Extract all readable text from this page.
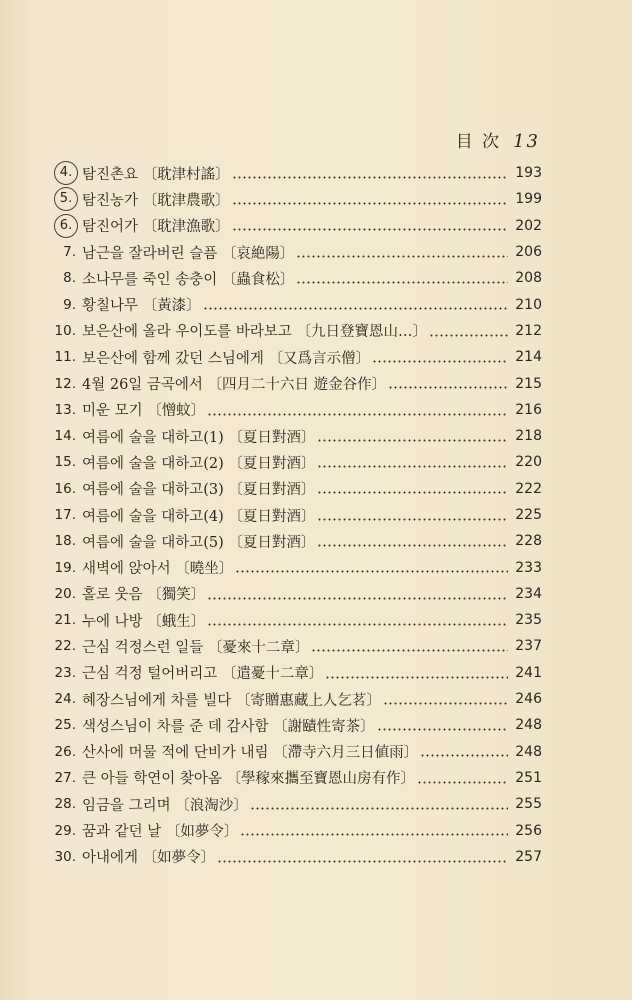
目 次 13
4. 탐진촌요 〔耽津村謠〕	193
5. 탐진농가 〔耽津農歌〕	199
6. 탐진어가 〔耽津漁歌〕	202
7. 남근을 잘라버린 슬픔 〔哀絶陽〕	206
8. 소나무를 죽인 송충이 〔蟲食松〕	208
9. 황칠나무 〔黃漆〕	210
10. 보은산에 올라 우이도를 바라보고 〔九日登寶恩山…〕	212
11. 보은산에 함께 갔던 스님에게 〔又爲言示僧〕	214
12. 4월 26일 금곡에서 〔四月二十六日 遊金谷作〕	215
13. 미운 모기 〔憎蚊〕	216
14. 여름에 술을 대하고(1) 〔夏日對酒〕	218
15. 여름에 술을 대하고(2) 〔夏日對酒〕	220
16. 여름에 술을 대하고(3) 〔夏日對酒〕	222
17. 여름에 술을 대하고(4) 〔夏日對酒〕	225
18. 여름에 술을 대하고(5) 〔夏日對酒〕	228
19. 새벽에 앉아서 〔曉坐〕	233
20. 홀로 웃음 〔獨笑〕	234
21. 누에 나방 〔蛾生〕	235
22. 근심 걱정스런 일들 〔憂來十二章〕	237
23. 근심 걱정 털어버리고 〔遣憂十二章〕	241
24. 혜장스님에게 차를 빌다 〔寄贈惠藏上人乞茗〕	246
25. 색성스님이 차를 준 데 감사함 〔謝賾性寄茶〕	248
26. 산사에 머물 적에 단비가 내림 〔滯寺六月三日値雨〕	248
27. 큰 아들 학연이 찾아옴 〔學稼來攜至寶恩山房有作〕	251
28. 임금을 그리며 〔浪淘沙〕	255
29. 꿈과 같던 날 〔如夢令〕	256
30. 아내에게 〔如夢令〕	257
